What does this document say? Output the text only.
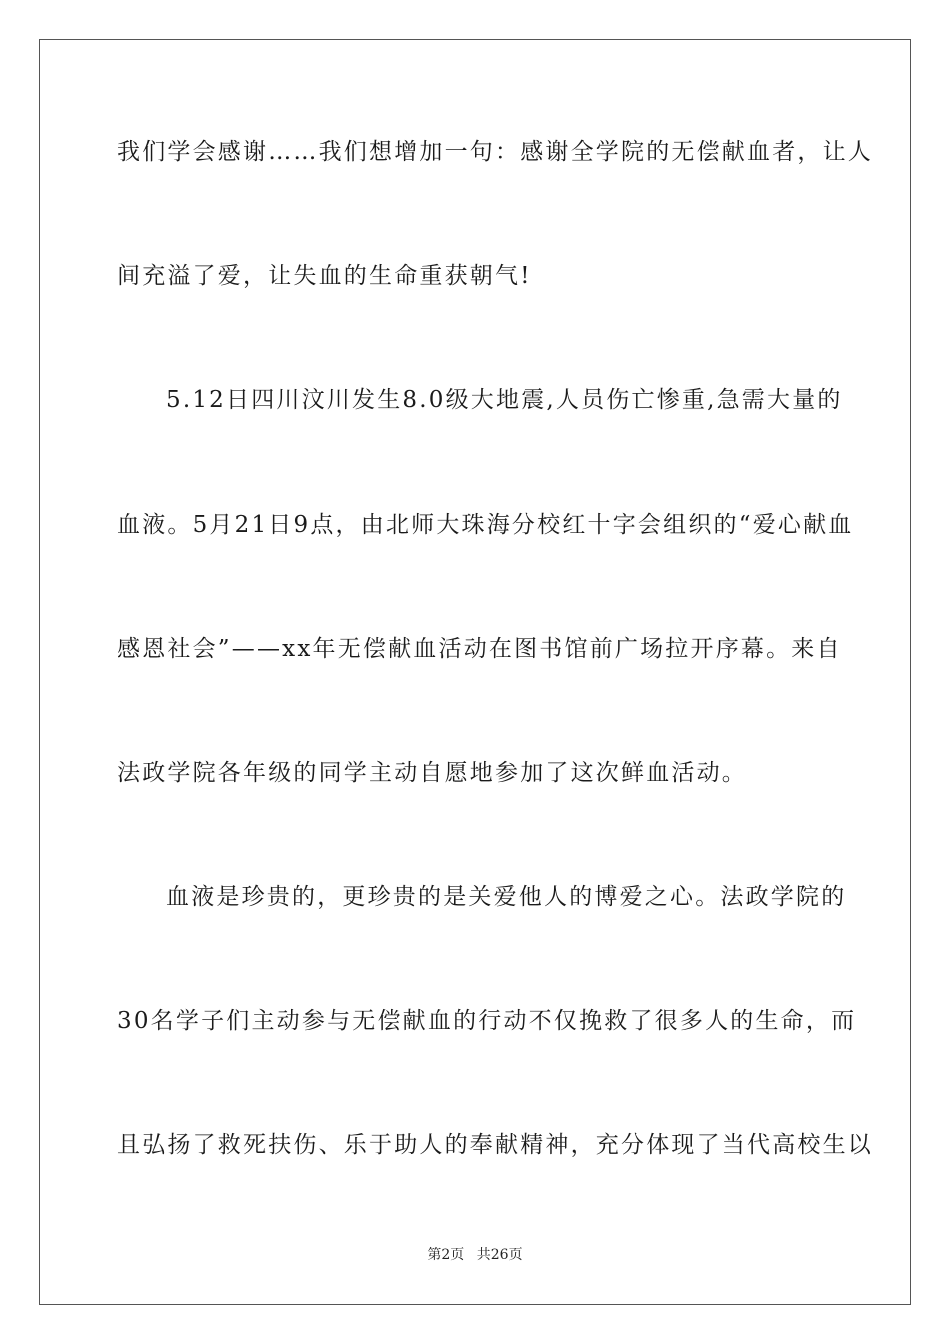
我们学会感谢……我们想增加一句：感谢全学院的无偿献血者，让人
间充溢了爱，让失血的生命重获朝气!
5.12日四川汶川发生8.0级大地震,人员伤亡惨重,急需大量的
血液。5月21日9点，由北师大珠海分校红十字会组织的“爱心献血
感恩社会”——xx年无偿献血活动在图书馆前广场拉开序幕。来自
法政学院各年级的同学主动自愿地参加了这次鲜血活动。
血液是珍贵的，更珍贵的是关爱他人的博爱之心。法政学院的
30名学子们主动参与无偿献血的行动不仅挽救了很多人的生命，而
且弘扬了救死扶伤、乐于助人的奉献精神，充分体现了当代高校生以
第2页 共26页
